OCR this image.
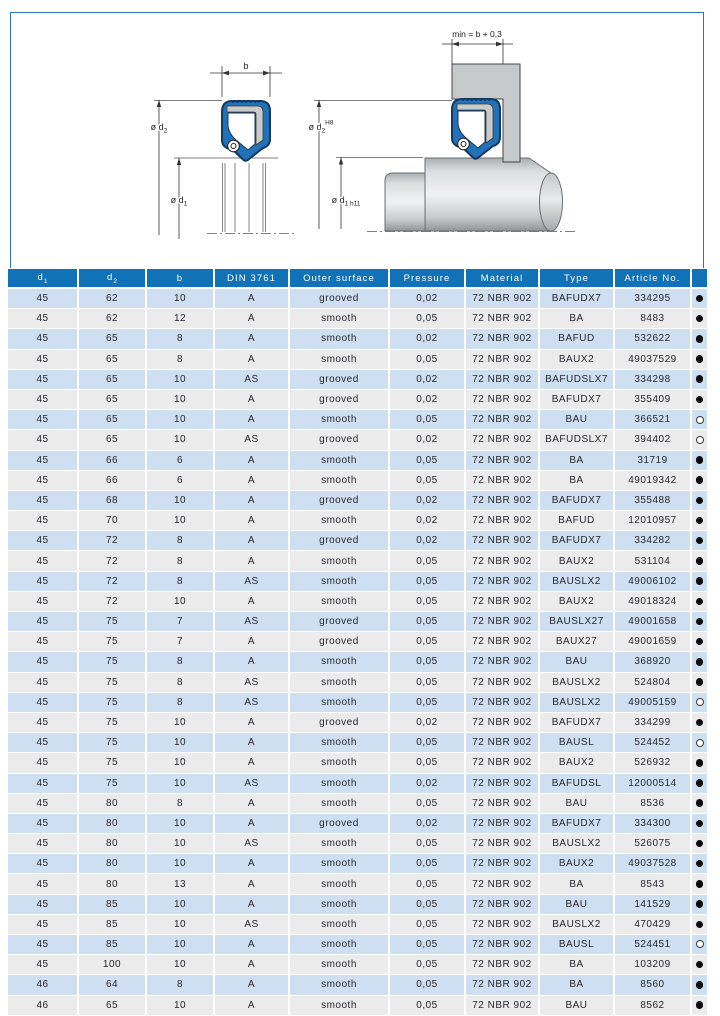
b
ø $d_2$
ø $d_1$
min = b + 0,3
ø $d_2^{H8}$
ø $d_{1 h11}$
$d_1$	$d_2$	b	DIN 3761	Outer surface	Pressure	Material	Type	Article No.	
45	62	10	A	grooved	0,02	72 NBR 902	BAFUDX7	334295	
45	62	12	A	smooth	0,05	72 NBR 902	BA	8483	
45	65	8	A	smooth	0,02	72 NBR 902	BAFUD	532622	
45	65	8	A	smooth	0,05	72 NBR 902	BAUX2	49037529	
45	65	10	AS	grooved	0,02	72 NBR 902	BAFUDSLX7	334298	
45	65	10	A	grooved	0,02	72 NBR 902	BAFUDX7	355409	
45	65	10	A	smooth	0,05	72 NBR 902	BAU	366521	
45	65	10	AS	grooved	0,02	72 NBR 902	BAFUDSLX7	394402	
45	66	6	A	smooth	0,05	72 NBR 902	BA	31719	
45	66	6	A	smooth	0,05	72 NBR 902	BA	49019342	
45	68	10	A	grooved	0,02	72 NBR 902	BAFUDX7	355488	
45	70	10	A	smooth	0,02	72 NBR 902	BAFUD	12010957	
45	72	8	A	grooved	0,02	72 NBR 902	BAFUDX7	334282	
45	72	8	A	smooth	0,05	72 NBR 902	BAUX2	531104	
45	72	8	AS	smooth	0,05	72 NBR 902	BAUSLX2	49006102	
45	72	10	A	smooth	0,05	72 NBR 902	BAUX2	49018324	
45	75	7	AS	grooved	0,05	72 NBR 902	BAUSLX27	49001658	
45	75	7	A	grooved	0,05	72 NBR 902	BAUX27	49001659	
45	75	8	A	smooth	0,05	72 NBR 902	BAU	368920	
45	75	8	AS	smooth	0,05	72 NBR 902	BAUSLX2	524804	
45	75	8	AS	smooth	0,05	72 NBR 902	BAUSLX2	49005159	
45	75	10	A	grooved	0,02	72 NBR 902	BAFUDX7	334299	
45	75	10	A	smooth	0,05	72 NBR 902	BAUSL	524452	
45	75	10	A	smooth	0,05	72 NBR 902	BAUX2	526932	
45	75	10	AS	smooth	0,02	72 NBR 902	BAFUDSL	12000514	
45	80	8	A	smooth	0,05	72 NBR 902	BAU	8536	
45	80	10	A	grooved	0,02	72 NBR 902	BAFUDX7	334300	
45	80	10	AS	smooth	0,05	72 NBR 902	BAUSLX2	526075	
45	80	10	A	smooth	0,05	72 NBR 902	BAUX2	49037528	
45	80	13	A	smooth	0,05	72 NBR 902	BA	8543	
45	85	10	A	smooth	0,05	72 NBR 902	BAU	141529	
45	85	10	AS	smooth	0,05	72 NBR 902	BAUSLX2	470429	
45	85	10	A	smooth	0,05	72 NBR 902	BAUSL	524451	
45	100	10	A	smooth	0,05	72 NBR 902	BA	103209	
46	64	8	A	smooth	0,05	72 NBR 902	BA	8560	
46	65	10	A	smooth	0,05	72 NBR 902	BAU	8562	
